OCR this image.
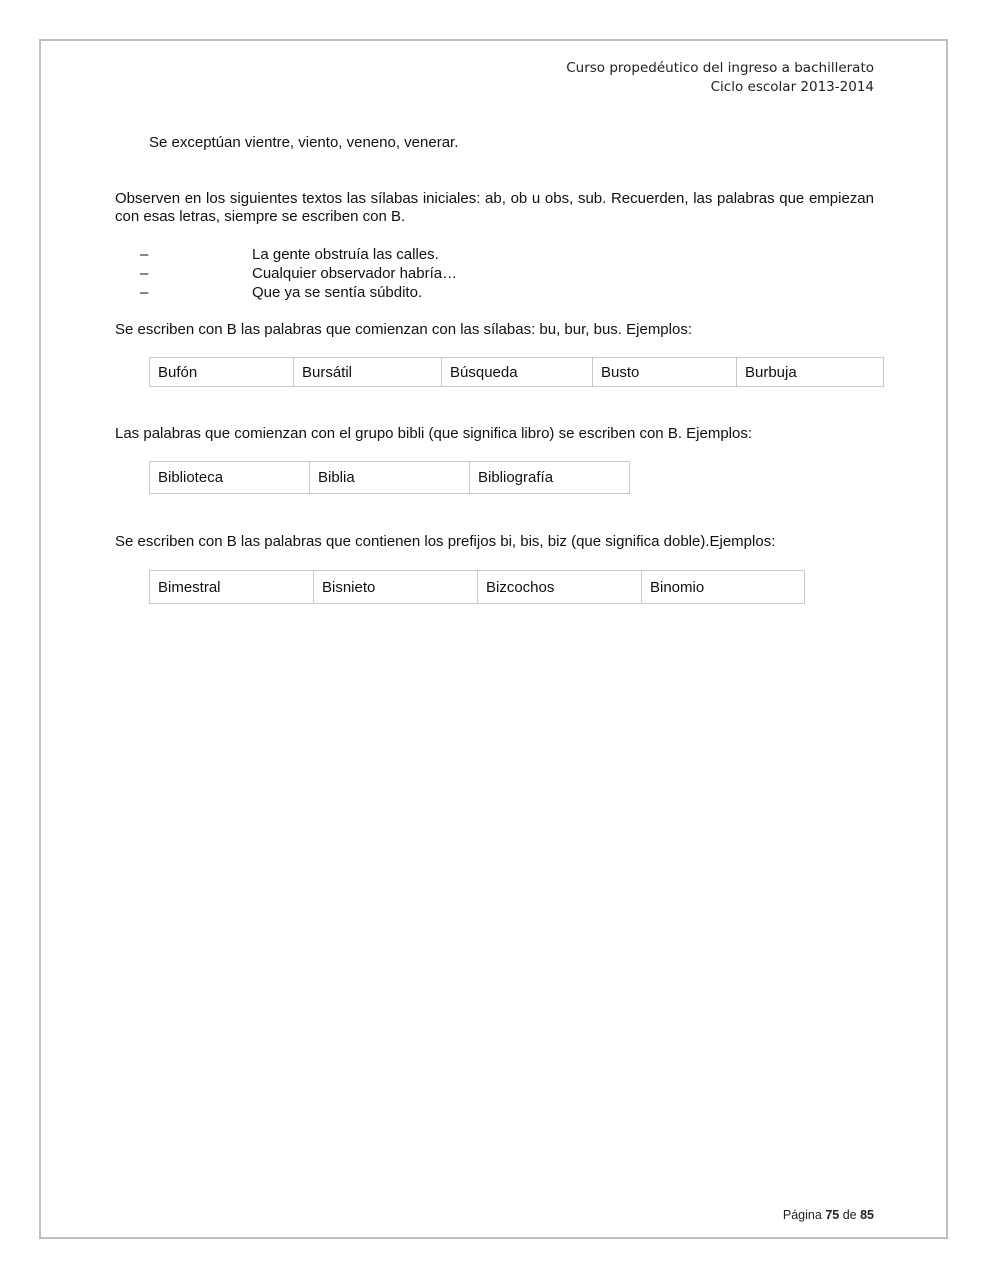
Curso propedéutico del ingreso a bachillerato
Ciclo escolar 2013-2014
Se exceptúan vientre, viento, veneno, venerar.
Observen en los siguientes textos las sílabas iniciales: ab, ob u obs, sub. Recuerden, las palabras que empiezan con esas letras, siempre se escriben con B.
–	La gente obstruía las calles.
–	Cualquier observador habría…
–	Que ya se sentía súbdito.
Se escriben con B las palabras que comienzan con las sílabas: bu, bur, bus. Ejemplos:
Bufón	Bursátil	Búsqueda	Busto	Burbuja
Las palabras que comienzan con el grupo bibli (que significa libro) se escriben con B. Ejemplos:
Biblioteca	Biblia	Bibliografía
Se escriben con B las palabras que contienen los prefijos bi, bis, biz (que significa doble).Ejemplos:
Bimestral	Bisnieto	Bizcochos	Binomio
Página 75 de 85
